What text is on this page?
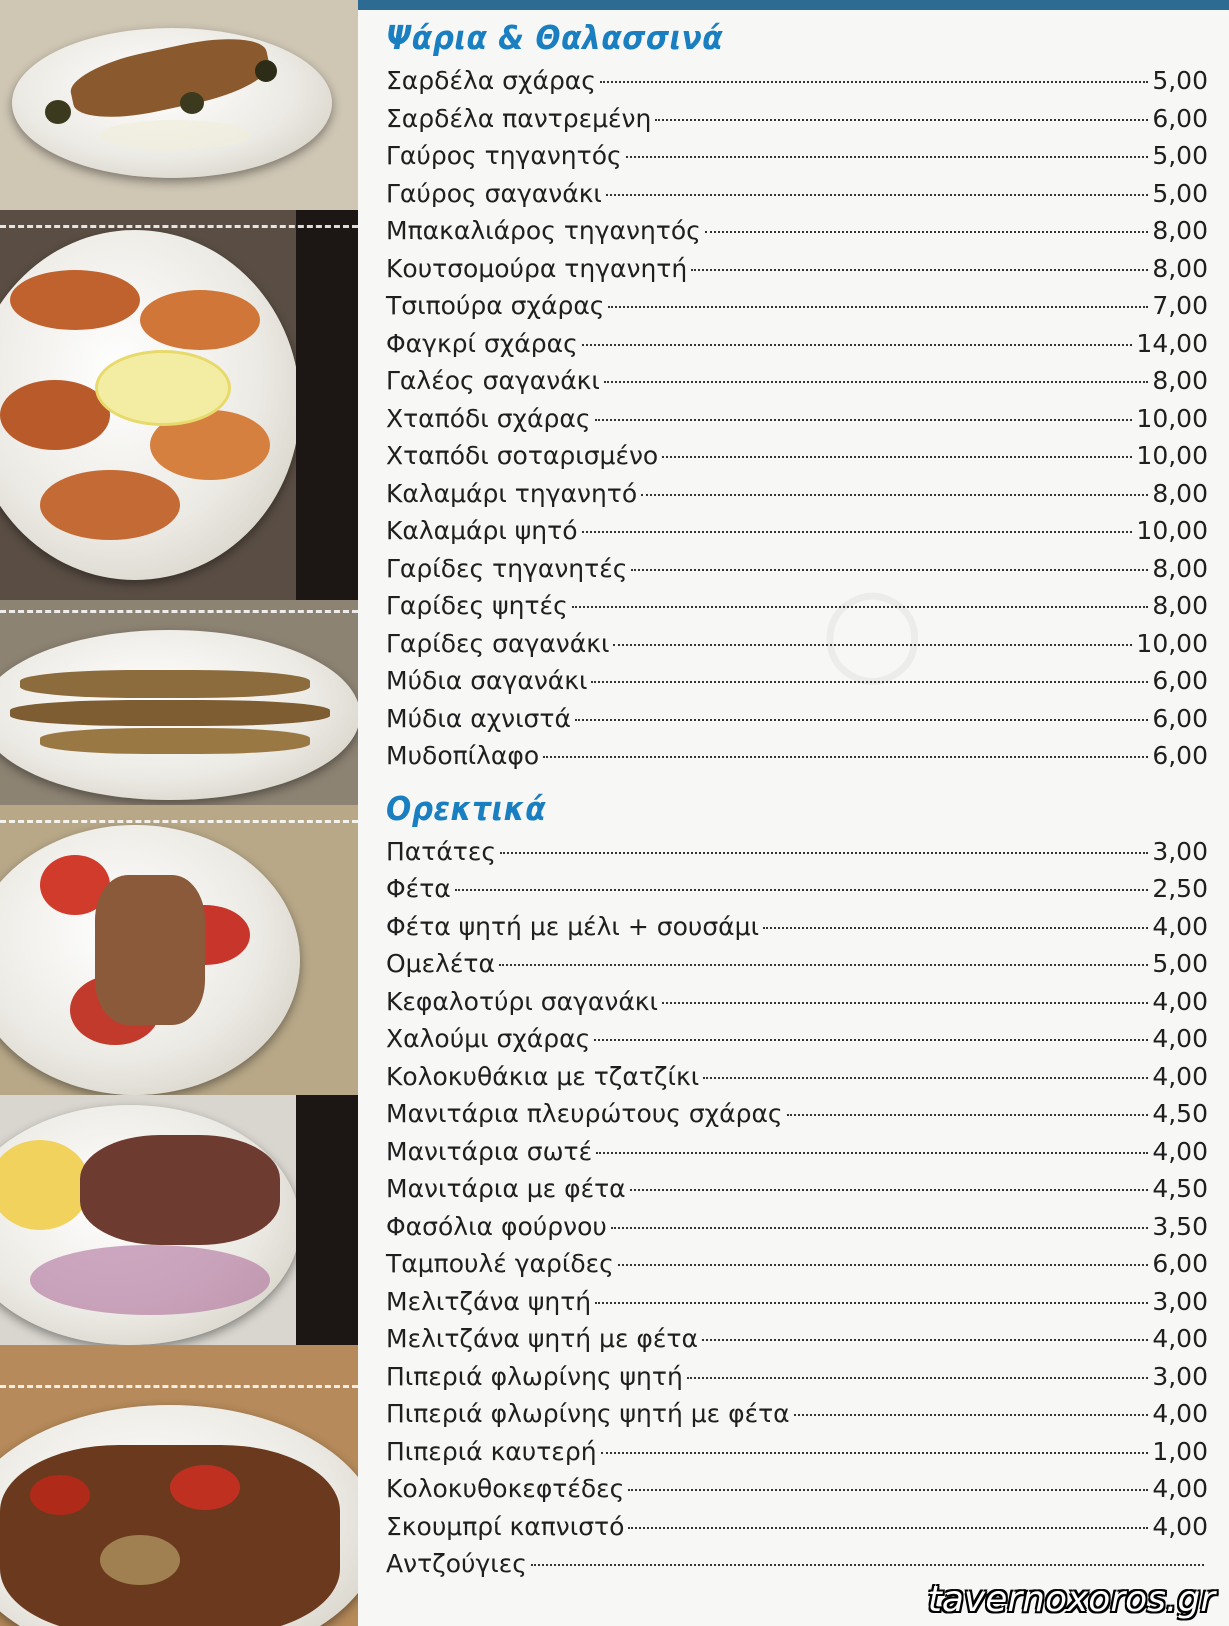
○
Ψάρια & Θαλασσινά
Σαρδέλα σχάρας	5,00
Σαρδέλα παντρεμένη	6,00
Γαύρος τηγανητός	5,00
Γαύρος σαγανάκι	5,00
Μπακαλιάρος τηγανητός	8,00
Κουτσομούρα τηγανητή	8,00
Τσιπούρα σχάρας	7,00
Φαγκρί σχάρας	14,00
Γαλέος σαγανάκι	8,00
Χταπόδι σχάρας	10,00
Χταπόδι σοταρισμένο	10,00
Καλαμάρι τηγανητό	8,00
Καλαμάρι ψητό	10,00
Γαρίδες τηγανητές	8,00
Γαρίδες ψητές	8,00
Γαρίδες σαγανάκι	10,00
Μύδια σαγανάκι	6,00
Μύδια αχνιστά	6,00
Μυδοπίλαφο	6,00
Ορεκτικά
Πατάτες	3,00
Φέτα	2,50
Φέτα ψητή με μέλι + σουσάμι	4,00
Ομελέτα	5,00
Κεφαλοτύρι σαγανάκι	4,00
Χαλούμι σχάρας	4,00
Κολοκυθάκια με τζατζίκι	4,00
Μανιτάρια πλευρώτους σχάρας	4,50
Μανιτάρια σωτέ	4,00
Μανιτάρια με φέτα	4,50
Φασόλια φούρνου	3,50
Ταμπουλέ γαρίδες	6,00
Μελιτζάνα ψητή	3,00
Μελιτζάνα ψητή με φέτα	4,00
Πιπεριά φλωρίνης ψητή	3,00
Πιπεριά φλωρίνης ψητή με φέτα	4,00
Πιπεριά καυτερή	1,00
Κολοκυθοκεφτέδες	4,00
Σκουμπρί καπνιστό	4,00
Αντζούγιες
tavernoxoros.gr
